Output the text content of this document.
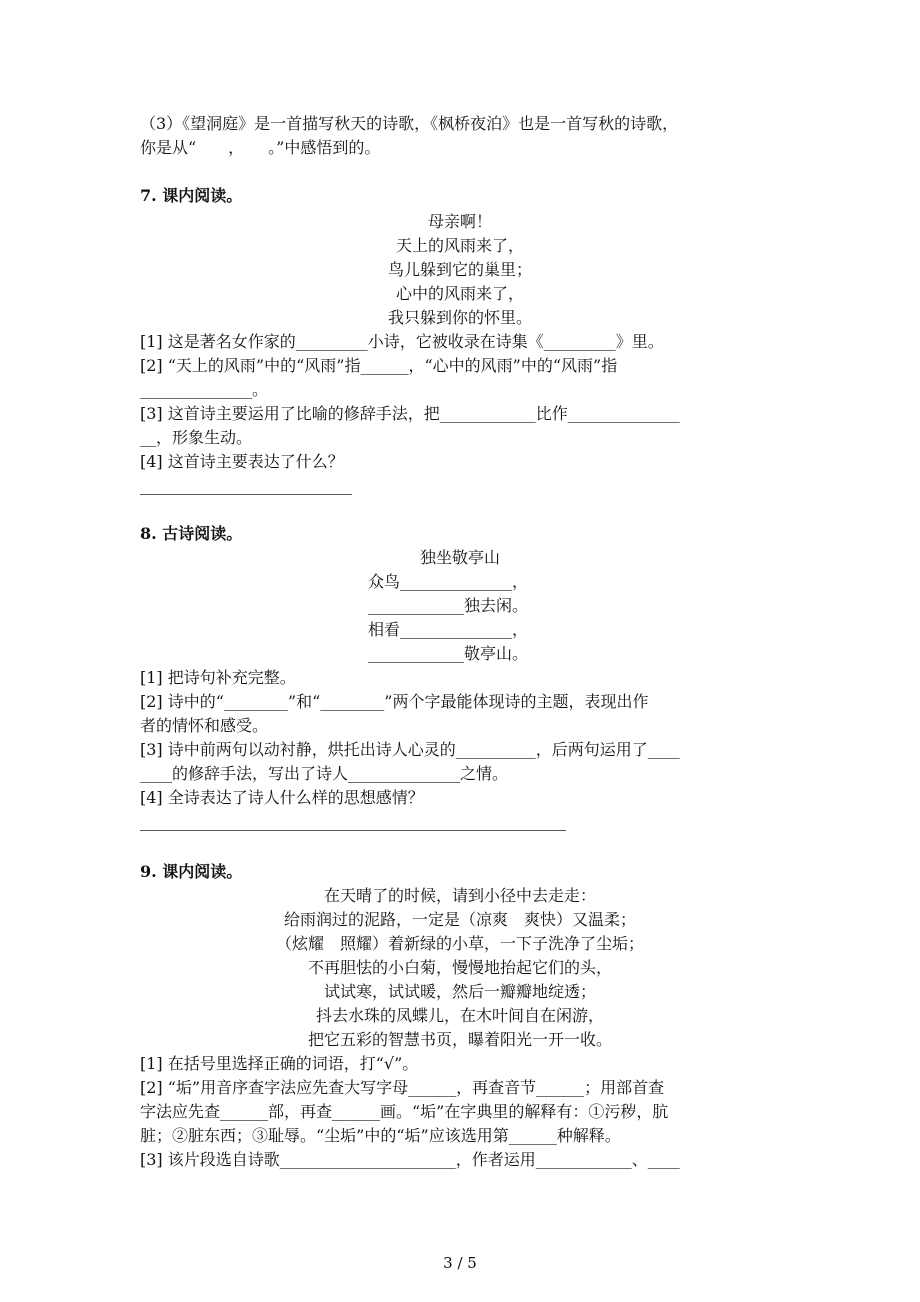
（3）《望洞庭》是一首描写秋天的诗歌，《枫桥夜泊》也是一首写秋的诗歌，
你是从“　　，　　。”中感悟到的。
7. 课内阅读。
母亲啊！
天上的风雨来了，
鸟儿躲到它的巢里；
心中的风雨来了，
我只躲到你的怀里。
[1] 这是著名女作家的_________小诗，它被收录在诗集《_________》里。
[2] “天上的风雨”中的“风雨”指______，“心中的风雨”中的“风雨”指
______________。
[3] 这首诗主要运用了比喻的修辞手法，把____________比作______________
__，形象生动。
[4] 这首诗主要表达了什么？
8. 古诗阅读。
独坐敬亭山
众鸟______________，
____________独去闲。
相看______________，
____________敬亭山。
[1] 把诗句补充完整。
[2] 诗中的“________”和“________”两个字最能体现诗的主题，表现出作
者的情怀和感受。
[3] 诗中前两句以动衬静，烘托出诗人心灵的__________，后两句运用了____
____的修辞手法，写出了诗人______________之情。
[4] 全诗表达了诗人什么样的思想感情？
9. 课内阅读。
在天晴了的时候，请到小径中去走走：
给雨润过的泥路，一定是（凉爽　爽快）又温柔；
（炫耀　照耀）着新绿的小草，一下子洗净了尘垢；
不再胆怯的小白菊，慢慢地抬起它们的头，
试试寒，试试暖，然后一瓣瓣地绽透；
抖去水珠的凤蝶儿，在木叶间自在闲游，
把它五彩的智慧书页，曝着阳光一开一收。
[1] 在括号里选择正确的词语，打“√”。
[2] “垢”用音序查字法应先查大写字母______，再查音节______；用部首查
字法应先查______部，再查______画。“垢”在字典里的解释有：①污秽，肮
脏；②脏东西；③耻辱。“尘垢”中的“垢”应该选用第______种解释。
[3] 该片段选自诗歌______________________，作者运用____________、____
3 / 5
